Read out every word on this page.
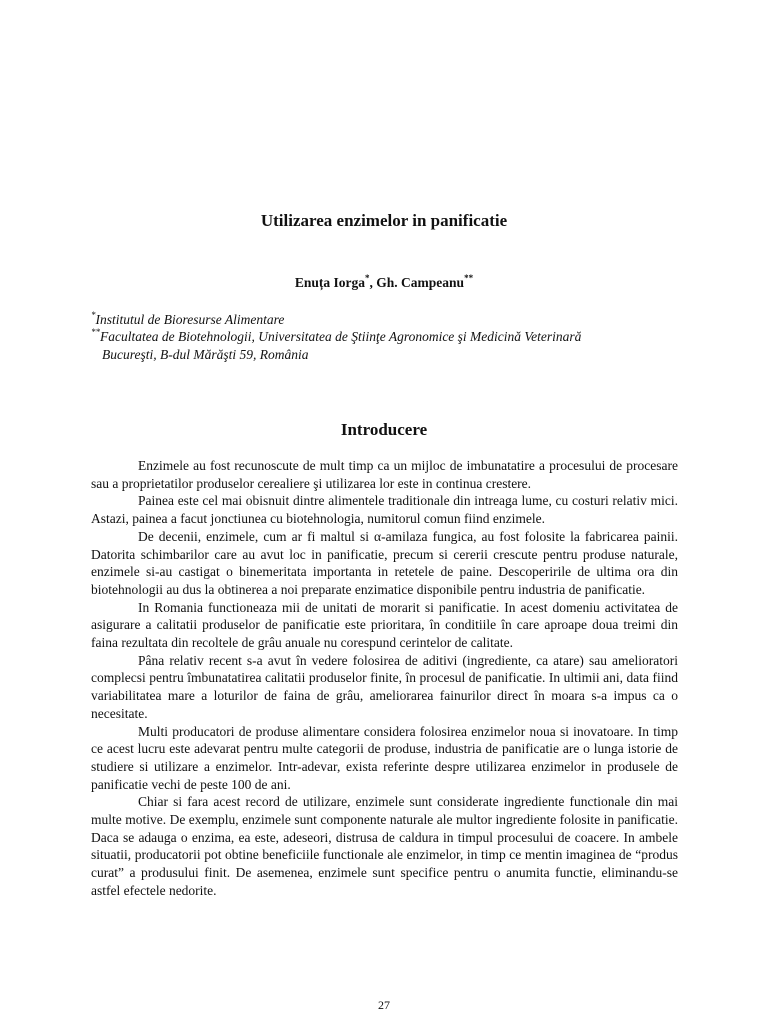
Utilizarea enzimelor in panificatie
Enuța Iorga*, Gh. Campeanu**
*Institutul de Bioresurse Alimentare
**Facultatea de Biotehnologii, Universitatea de Ştiinţe Agronomice şi Medicină Veterinară
Bucureşti, B-dul Mărăşti 59, România
Introducere

Enzimele au fost recunoscute de mult timp ca un mijloc de imbunatatire a procesului de procesare sau a proprietatilor produselor cerealiere şi utilizarea lor este in continua crestere.

Painea este cel mai obisnuit dintre alimentele traditionale din intreaga lume, cu costuri relativ mici. Astazi, painea a facut jonctiunea cu biotehnologia, numitorul comun fiind enzimele.

De decenii, enzimele, cum ar fi maltul si α-amilaza fungica, au fost folosite la fabricarea painii. Datorita schimbarilor care au avut loc in panificatie, precum si cererii crescute pentru produse naturale, enzimele si-au castigat o binemeritata importanta in retetele de paine. Descoperirile de ultima ora din biotehnologii au dus la obtinerea a noi preparate enzimatice disponibile pentru industria de panificatie.

In Romania functioneaza mii de unitati de morarit si panificatie. In acest domeniu activitatea de asigurare a calitatii produselor de panificatie este prioritara, în conditiile în care aproape doua treimi din faina rezultata din recoltele de grâu anuale nu corespund cerintelor de calitate.

Pâna relativ recent s-a avut în vedere folosirea de aditivi (ingrediente, ca atare) sau amelioratori complecsi pentru îmbunatatirea calitatii produselor finite, în procesul de panificatie. In ultimii ani, data fiind variabilitatea mare a loturilor de faina de grâu, ameliorarea fainurilor direct în moara s-a impus ca o necesitate.

Multi producatori de produse alimentare considera folosirea enzimelor noua si inovatoare. In timp ce acest lucru este adevarat pentru multe categorii de produse, industria de panificatie are o lunga istorie de studiere si utilizare a enzimelor. Intr-adevar, exista referinte despre utilizarea enzimelor in produsele de panificatie vechi de peste 100 de ani.

Chiar si fara acest record de utilizare, enzimele sunt considerate ingrediente functionale din mai multe motive. De exemplu, enzimele sunt componente naturale ale multor ingrediente folosite in panificatie. Daca se adauga o enzima, ea este, adeseori, distrusa de caldura in timpul procesului de coacere. In ambele situatii, producatorii pot obtine beneficiile functionale ale enzimelor, in timp ce mentin imaginea de “produs curat” a produsului finit. De asemenea, enzimele sunt specifice pentru o anumita functie, eliminandu-se astfel efectele nedorite.

27
